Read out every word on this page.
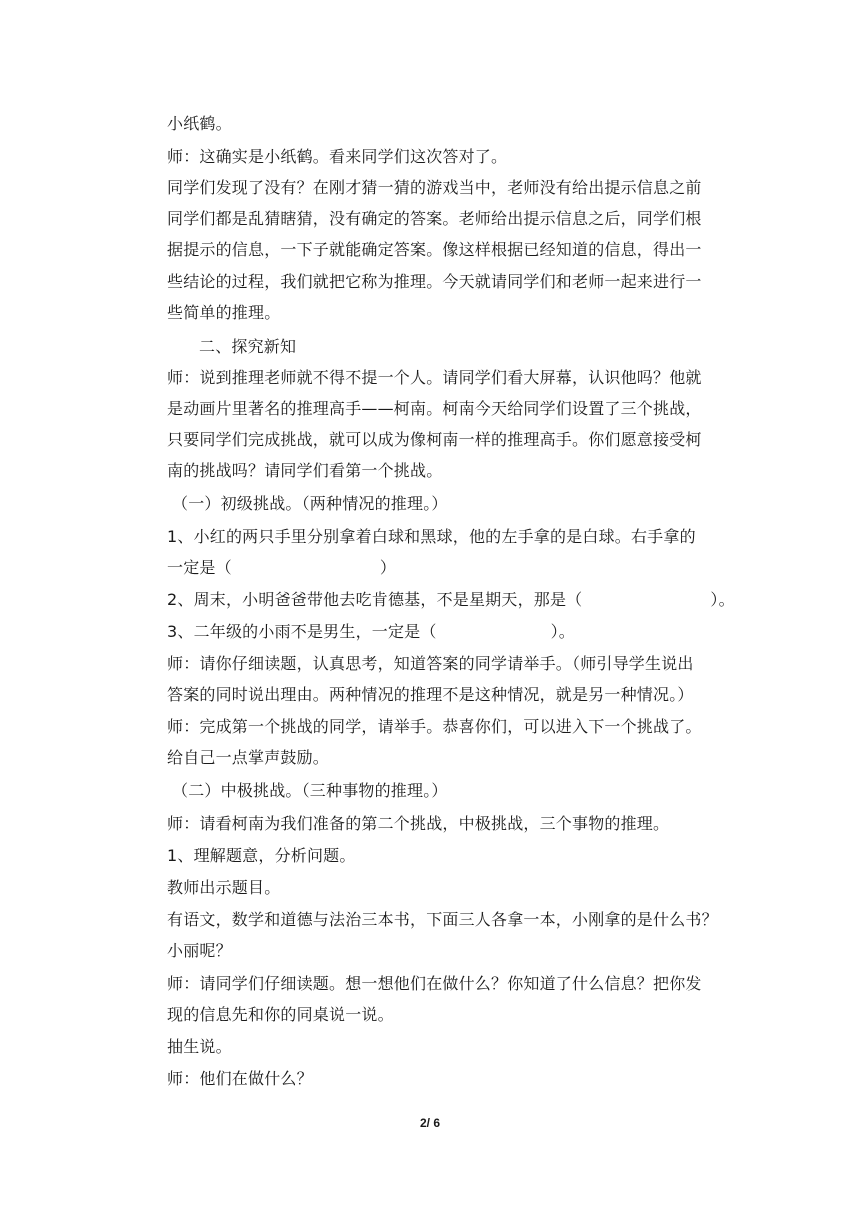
小纸鹤。
师：这确实是小纸鹤。看来同学们这次答对了。
同学们发现了没有？在刚才猜一猜的游戏当中，老师没有给出提示信息之前
同学们都是乱猜瞎猜，没有确定的答案。老师给出提示信息之后，同学们根
据提示的信息，一下子就能确定答案。像这样根据已经知道的信息，得出一
些结论的过程，我们就把它称为推理。今天就请同学们和老师一起来进行一
些简单的推理。
二、探究新知
师：说到推理老师就不得不提一个人。请同学们看大屏幕，认识他吗？他就
是动画片里著名的推理高手——柯南。柯南今天给同学们设置了三个挑战，
只要同学们完成挑战，就可以成为像柯南一样的推理高手。你们愿意接受柯
南的挑战吗？请同学们看第一个挑战。
（一）初级挑战。（两种情况的推理。）
1、小红的两只手里分别拿着白球和黑球，他的左手拿的是白球。右手拿的
一定是（	）
2、周末，小明爸爸带他去吃肯德基，不是星期天，那是（	）。
3、二年级的小雨不是男生，一定是（	）。
师：请你仔细读题，认真思考，知道答案的同学请举手。（师引导学生说出
答案的同时说出理由。两种情况的推理不是这种情况，就是另一种情况。）
师：完成第一个挑战的同学，请举手。恭喜你们，可以进入下一个挑战了。
给自己一点掌声鼓励。
（二）中极挑战。（三种事物的推理。）
师：请看柯南为我们准备的第二个挑战，中极挑战，三个事物的推理。
1、理解题意，分析问题。
教师出示题目。
有语文，数学和道德与法治三本书，下面三人各拿一本，小刚拿的是什么书？
小丽呢？
师：请同学们仔细读题。想一想他们在做什么？你知道了什么信息？把你发
现的信息先和你的同桌说一说。
抽生说。
师：他们在做什么？
2/ 6
